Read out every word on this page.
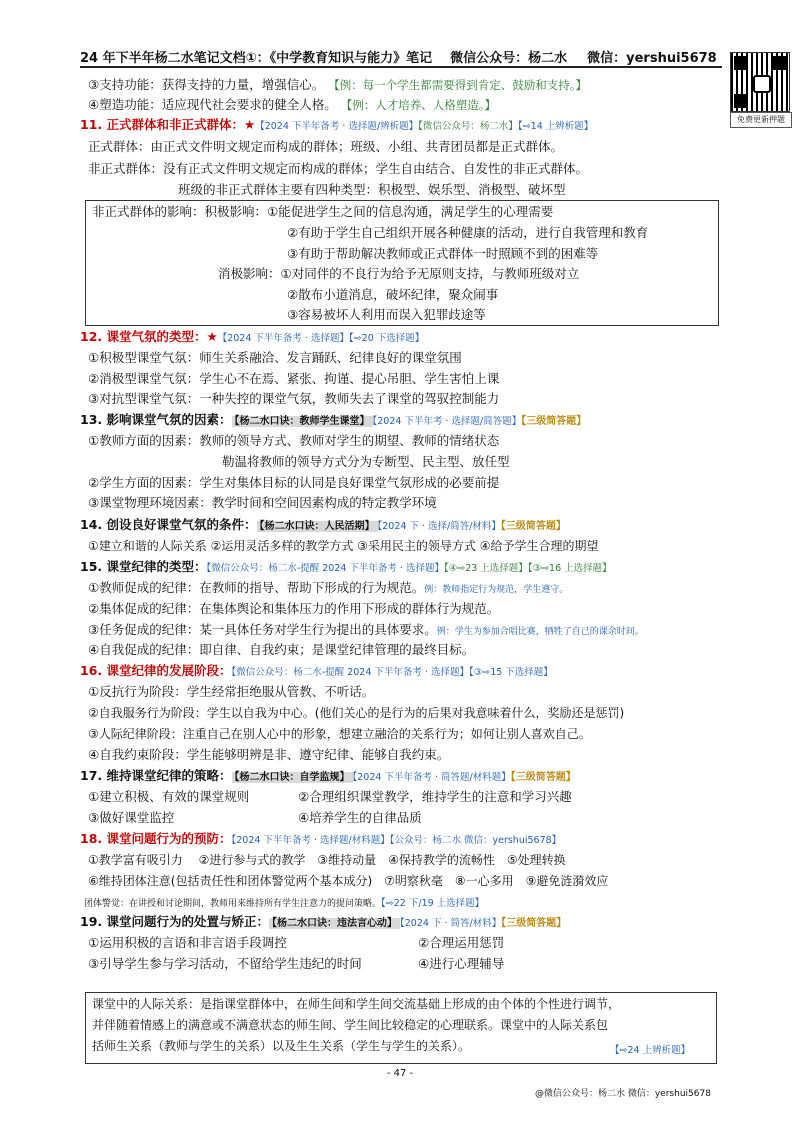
24 年下半年杨二水笔记文档①：《中学教育知识与能力》笔记 微信公众号：杨二水 微信：yershui5678
免费更新押题
③支持功能：获得支持的力量，增强信心。 【例：每一个学生都需要得到肯定、鼓励和支持。】
④塑造功能：适应现代社会要求的健全人格。 【例：人才培养、人格塑造。】
11. 正式群体和非正式群体：★【2024 下半年备考 · 选择题/辨析题】【微信公众号：杨二水】【⇨14 上辨析题】
正式群体：由正式文件明文规定而构成的群体；班级、小组、共青团员都是正式群体。
非正式群体：没有正式文件明文规定而构成的群体；学生自由结合、自发性的非正式群体。
班级的非正式群体主要有四种类型：积极型、娱乐型、消极型、破坏型
非正式群体的影响：积极影响：①能促进学生之间的信息沟通，满足学生的心理需要
②有助于学生自己组织开展各种健康的活动，进行自我管理和教育
③有助于帮助解决教师或正式群体一时照顾不到的困难等
消极影响：①对同伴的不良行为给予无原则支持，与教师班级对立
②散布小道消息，破坏纪律，聚众闹事
③容易被坏人利用而误入犯罪歧途等
12. 课堂气氛的类型：★【2024 下半年备考 · 选择题】【⇨20 下选择题】
①积极型课堂气氛：师生关系融洽、发言踊跃、纪律良好的课堂氛围
②消极型课堂气氛：学生心不在焉、紧张、拘谨、提心吊胆、学生害怕上课
③对抗型课堂气氛：一种失控的课堂气氛，教师失去了课堂的驾驭控制能力
13. 影响课堂气氛的因素： 【杨二水口诀：教师学生课堂】 【2024 下半年考 · 选择题/简答题】【三级简答题】
①教师方面的因素：教师的领导方式、教师对学生的期望、教师的情绪状态
勒温将教师的领导方式分为专断型、民主型、放任型
②学生方面的因素：学生对集体目标的认同是良好课堂气氛形成的必要前提
③课堂物理环境因素：教学时间和空间因素构成的特定教学环境
14. 创设良好课堂气氛的条件： 【杨二水口诀：人民活期】 【2024 下 · 选择/简答/材料】【三级简答题】
①建立和谐的人际关系 ②运用灵活多样的教学方式 ③采用民主的领导方式 ④给予学生合理的期望
15. 课堂纪律的类型：【微信公众号：杨二水-提醒 2024 下半年备考 · 选择题】【④⇨23 上选择题】【③⇨16 上选择题】
①教师促成的纪律：在教师的指导、帮助下形成的行为规范。例：教师指定行为规范，学生遵守。
②集体促成的纪律：在集体舆论和集体压力的作用下形成的群体行为规范。
③任务促成的纪律：某一具体任务对学生行为提出的具体要求。例：学生为参加合唱比赛，牺牲了自己的课余时间。
④自我促成的纪律：即自律、自我约束；是课堂纪律管理的最终目标。
16. 课堂纪律的发展阶段：【微信公众号：杨二水-提醒 2024 下半年备考 · 选择题】【③⇨15 下选择题】
①反抗行为阶段：学生经常拒绝服从管教、不听话。
②自我服务行为阶段：学生以自我为中心。(他们关心的是行为的后果对我意味着什么，奖励还是惩罚)
③人际纪律阶段：注重自己在别人心中的形象，想建立融洽的关系行为；如何让别人喜欢自己。
④自我约束阶段：学生能够明辨是非、遵守纪律、能够自我约束。
17. 维持课堂纪律的策略： 【杨二水口诀：自学监规】 【2024 下半年备考 · 简答题/材料题】【三级简答题】
①建立积极、有效的课堂规则	②合理组织课堂教学，维持学生的注意和学习兴趣
③做好课堂监控	④培养学生的自律品质
18. 课堂问题行为的预防：【2024 下半年备考 · 选择题/材料题】【公众号：杨二水 微信：yershui5678】
①教学富有吸引力　 ②进行参与式的教学　③维持动量　④保持教学的流畅性　⑤处理转换
⑥维持团体注意(包括责任性和团体警觉两个基本成分)　⑦明察秋毫　⑧一心多用　⑨避免涟漪效应
团体警觉：在讲授和讨论期间，教师用来维持所有学生注意力的提问策略。【⇨22 下/19 上选择题】
19. 课堂问题行为的处置与矫正： 【杨二水口诀：违法言心动】 【2024 下 · 简答/材料】【三级简答题】
①运用积极的言语和非言语手段调控	②合理运用惩罚
③引导学生参与学习活动，不留给学生违纪的时间	④进行心理辅导
课堂中的人际关系：是指课堂群体中，在师生间和学生间交流基础上形成的由个体的个性进行调节，
并伴随着情感上的满意或不满意状态的师生间、学生间比较稳定的心理联系。课堂中的人际关系包
括师生关系（教师与学生的关系）以及生生关系（学生与学生的关系）。	【⇨24 上辨析题】
- 47 -
@微信公众号：杨二水 微信：yershui5678
